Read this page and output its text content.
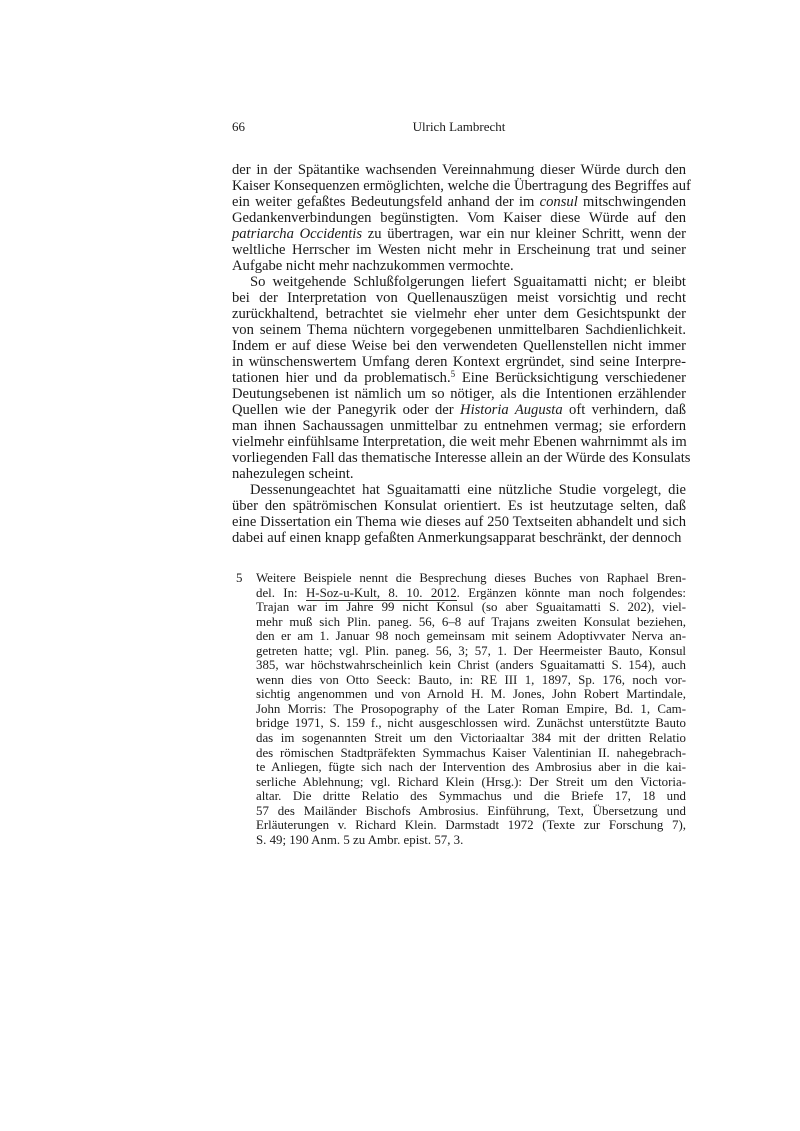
66	Ulrich Lambrecht
der in der Spätantike wachsenden Vereinnahmung dieser Würde durch den
Kaiser Konsequenzen ermöglichten, welche die Übertragung des Begriffes auf
ein weiter gefaßtes Bedeutungsfeld anhand der im consul mitschwingenden
Gedankenverbindungen begünstigten. Vom Kaiser diese Würde auf den
patriarcha Occidentis zu übertragen, war ein nur kleiner Schritt, wenn der
weltliche Herrscher im Westen nicht mehr in Erscheinung trat und seiner
Aufgabe nicht mehr nachzukommen vermochte.
So weitgehende Schlußfolgerungen liefert Sguaitamatti nicht; er bleibt
bei der Interpretation von Quellenauszügen meist vorsichtig und recht
zurückhaltend, betrachtet sie vielmehr eher unter dem Gesichtspunkt der
von seinem Thema nüchtern vorgegebenen unmittelbaren Sachdienlichkeit.
Indem er auf diese Weise bei den verwendeten Quellenstellen nicht immer
in wünschenswertem Umfang deren Kontext ergründet, sind seine Interpre-
tationen hier und da problematisch.$^5$ Eine Berücksichtigung verschiedener
Deutungsebenen ist nämlich um so nötiger, als die Intentionen erzählender
Quellen wie der Panegyrik oder der Historia Augusta oft verhindern, daß
man ihnen Sachaussagen unmittelbar zu entnehmen vermag; sie erfordern
vielmehr einfühlsame Interpretation, die weit mehr Ebenen wahrnimmt als im
vorliegenden Fall das thematische Interesse allein an der Würde des Konsulats
nahezulegen scheint.
Dessenungeachtet hat Sguaitamatti eine nützliche Studie vorgelegt, die
über den spätrömischen Konsulat orientiert. Es ist heutzutage selten, daß
eine Dissertation ein Thema wie dieses auf 250 Textseiten abhandelt und sich
dabei auf einen knapp gefaßten Anmerkungsapparat beschränkt, der dennoch
5 Weitere Beispiele nennt die Besprechung dieses Buches von Raphael Bren-
del. In: H-Soz-u-Kult, 8. 10. 2012. Ergänzen könnte man noch folgendes:
Trajan war im Jahre 99 nicht Konsul (so aber Sguaitamatti S. 202), viel-
mehr muß sich Plin. paneg. 56, 6–8 auf Trajans zweiten Konsulat beziehen,
den er am 1. Januar 98 noch gemeinsam mit seinem Adoptivvater Nerva an-
getreten hatte; vgl. Plin. paneg. 56, 3; 57, 1. Der Heermeister Bauto, Konsul
385, war höchstwahrscheinlich kein Christ (anders Sguaitamatti S. 154), auch
wenn dies von Otto Seeck: Bauto, in: RE III 1, 1897, Sp. 176, noch vor-
sichtig angenommen und von Arnold H. M. Jones, John Robert Martindale,
John Morris: The Prosopography of the Later Roman Empire, Bd. 1, Cam-
bridge 1971, S. 159 f., nicht ausgeschlossen wird. Zunächst unterstützte Bauto
das im sogenannten Streit um den Victoriaaltar 384 mit der dritten Relatio
des römischen Stadtpräfekten Symmachus Kaiser Valentinian II. nahegebrach-
te Anliegen, fügte sich nach der Intervention des Ambrosius aber in die kai-
serliche Ablehnung; vgl. Richard Klein (Hrsg.): Der Streit um den Victoria-
altar. Die dritte Relatio des Symmachus und die Briefe 17, 18 und
57 des Mailänder Bischofs Ambrosius. Einführung, Text, Übersetzung und
Erläuterungen v. Richard Klein. Darmstadt 1972 (Texte zur Forschung 7),
S. 49; 190 Anm. 5 zu Ambr. epist. 57, 3.
